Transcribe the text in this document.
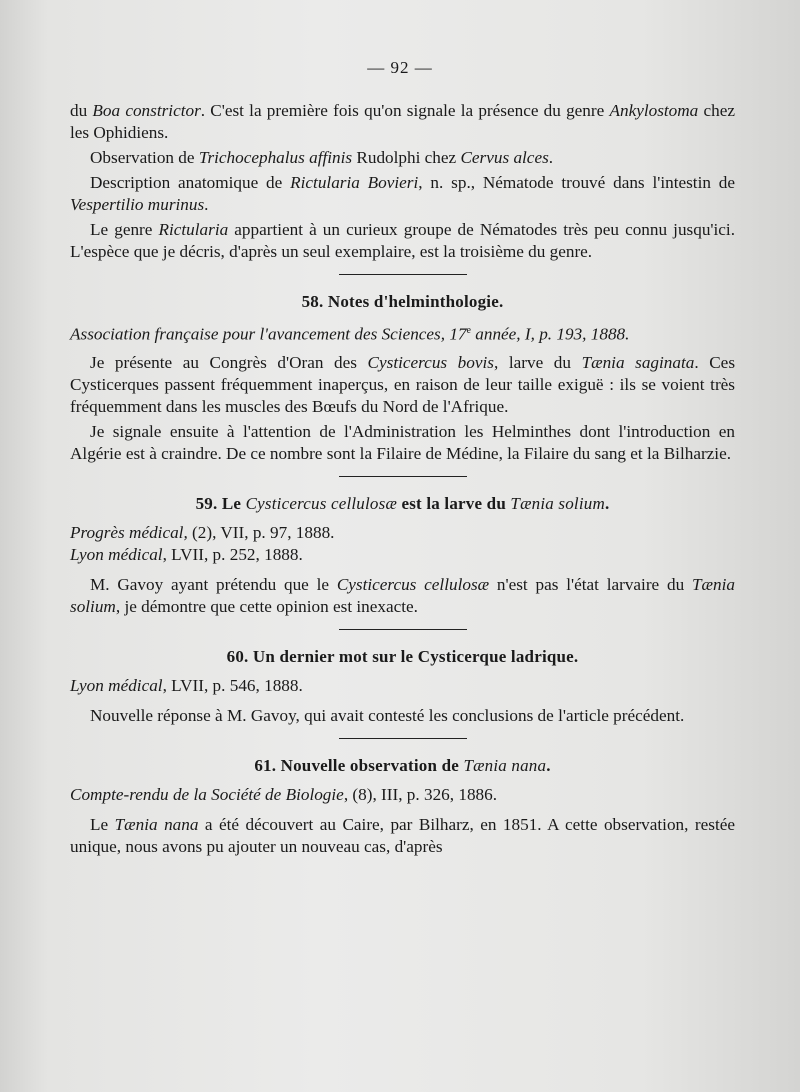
— 92 —

du Boa constrictor. C'est la première fois qu'on signale la présence du genre Ankylostoma chez les Ophidiens.

Observation de Trichocephalus affinis Rudolphi chez Cervus alces.

Description anatomique de Rictularia Bovieri, n. sp., Nématode trouvé dans l'intestin de Vespertilio murinus.

Le genre Rictularia appartient à un curieux groupe de Nématodes très peu connu jusqu'ici. L'espèce que je décris, d'après un seul exemplaire, est la troisième du genre.

58. Notes d'helminthologie.

Association française pour l'avancement des Sciences, 17e année, I, p. 193, 1888.

Je présente au Congrès d'Oran des Cysticercus bovis, larve du Tænia saginata. Ces Cysticerques passent fréquemment inaperçus, en raison de leur taille exiguë : ils se voient très fréquemment dans les muscles des Bœufs du Nord de l'Afrique.

Je signale ensuite à l'attention de l'Administration les Helminthes dont l'introduction en Algérie est à craindre. De ce nombre sont la Filaire de Médine, la Filaire du sang et la Bilharzie.

59. Le Cysticercus cellulosæ est la larve du Tænia solium.

Progrès médical, (2), VII, p. 97, 1888.

Lyon médical, LVII, p. 252, 1888.

M. Gavoy ayant prétendu que le Cysticercus cellulosæ n'est pas l'état larvaire du Tænia solium, je démontre que cette opinion est inexacte.

60. Un dernier mot sur le Cysticerque ladrique.

Lyon médical, LVII, p. 546, 1888.

Nouvelle réponse à M. Gavoy, qui avait contesté les conclusions de l'article précédent.

61. Nouvelle observation de Tænia nana.

Compte-rendu de la Société de Biologie, (8), III, p. 326, 1886.

Le Tænia nana a été découvert au Caire, par Bilharz, en 1851. A cette observation, restée unique, nous avons pu ajouter un nouveau cas, d'après
